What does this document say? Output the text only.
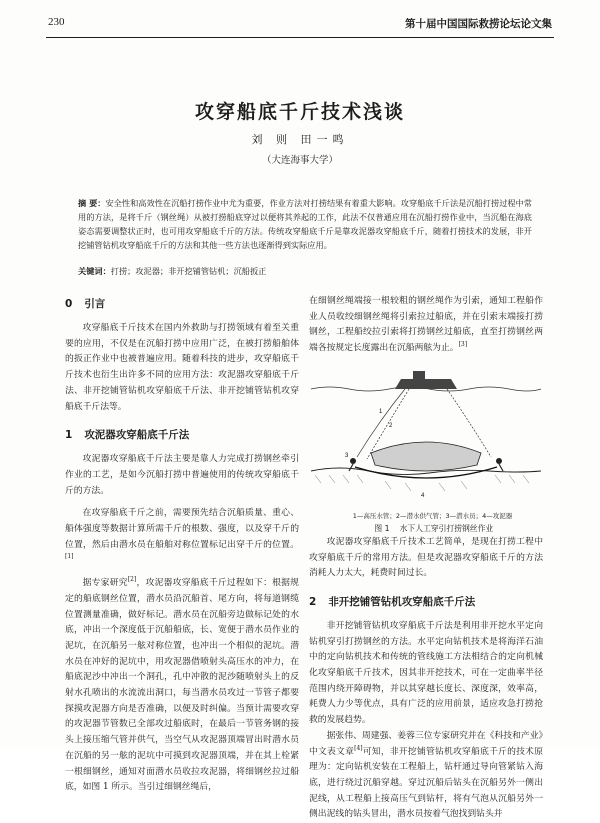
230	第十届中国国际救捞论坛论文集
攻穿船底千斤技术浅谈
刘 则 田一鸣
（大连海事大学）
摘 要：安全性和高效性在沉船打捞作业中尤为重要，作业方法对打捞结果有着重大影响。攻穿船底千斤法是沉船打捞过程中常用的方法，是将千斤（钢丝绳）从被打捞船底穿过以便将其养起的工作，此法不仅普通应用在沉船打捞作业中，当沉船在海底姿态需要调整状正时，也可用攻穿船底千斤的方法。传统攻穿船底千斤是靠攻泥器攻穿船底千斤，随着打捞技术的发展，非开挖铺管钻机攻穿船底千斤的方法和其他一些方法也逐渐得到实际应用。
关键词：打捞；攻泥器；非开挖铺管钻机；沉船扳正
0 引言

攻穿船底千斤技术在国内外救助与打捞领域有着至关重要的应用，不仅是在沉船打捞中应用广泛，在被打捞船舶体的扳正作业中也被普遍应用。随着科技的进步，攻穿船底千斤技术也衍生出许多不同的应用方法：攻泥器攻穿船底千斤法、非开挖铺管钻机攻穿船底千斤法、非开挖铺管钻机攻穿船底千斤法等。

1 攻泥器攻穿船底千斤法

攻泥器攻穿船底千斤法主要是靠人力完成打捞钢丝牵引作业的工艺，是如今沉船打捞中普遍使用的传统攻穿船底千斤的方法。

在攻穿船底千斤之前，需要预先结合沉船质量、重心、船体强度等数据计算所需千斤的根数、强度，以及穿千斤的位置，然后由潜水员在船舶对称位置标记出穿千斤的位置。[1]

据专家研究[2]，攻泥器攻穿船底千斤过程如下：根据规定的船底钢丝位置，潜水员沿沉船首、尾方向，将每道钢缆位置测量准确，做好标记。潜水员在沉船旁边做标记处的水底，冲出一个深度低于沉船船底，长、宽便于潜水员作业的泥坑，在沉船另一舷对称位置，也冲出一个相似的泥坑。潜水员在冲好的泥坑中，用攻泥器借喷射头高压水的冲力，在船底泥沙中冲出一个洞孔，孔中冲散的泥沙随喷射头上的反射水孔喷出的水流流出洞口，每当潜水员攻过一节管子都要探摸攻泥器方向是否准确，以便及时纠偏。当预计需要攻穿的攻泥器节管数已全部攻过船底时，在最后一节管务钢的接头上接压缩气管并供气，当空气从攻泥器顶端冒出时潜水员在沉船的另一舷的泥坑中可摸到攻泥器顶端，并在其上栓紧一根细钢丝，通知对面潜水员收拉攻泥器，将细钢丝拉过船底，如图 1 所示。当引过细钢丝绳后，

在细钢丝绳端接一根较粗的钢丝绳作为引索，通知工程船作业人员收绞细钢丝绳将引索拉过船底，并在引索末端接打捞钢丝，工程船绞拉引索将打捞钢丝过船底，直至打捞钢丝两端各按规定长度露出在沉船两舷为止。[3]

1
2
3
4

1—高压水管；2—潜水供气管；3—潜水员；4—攻泥器

图 1 水下人工穿引打捞钢丝作业

攻泥器攻穿船底千斤技术工艺简单，是现在打捞工程中攻穿船底千斤的常用方法。但是攻泥器攻穿船底千斤的方法消耗人力太大，耗费时间过长。

2 非开挖铺管钻机攻穿船底千斤法

非开挖铺管钻机攻穿船底千斤法是利用非开挖水平定向钻机穿引打捞钢丝的方法。水平定向钻机技术是将海洋石油中的定向钻机技术和传统的管线施工方法相结合的定向机械化攻穿船底千斤技术，因其非开挖技术，可在一定曲率半径范围内绕开障碍物，并以其穿越长度长、深度深，效率高，耗费人力少等优点，具有广泛的应用前景，适应攻急打捞抢救的发展趋势。

据张伟、周建强、姜蓉三位专家研究并在《科技和产业》中文表文章[4]可知，非开挖铺管钻机攻穿船底千斤的技术原理为：定向钻机安装在工程船上，钻杆通过导向管紧钻入海底，进行绕过沉船穿越。穿过沉船后钻头在沉船另外一侧出泥线，从工程船上接高压气到钻杆，将有气泡从沉船另外一侧出泥线的钻头冒出，潜水员按着气泡找到钻头并
